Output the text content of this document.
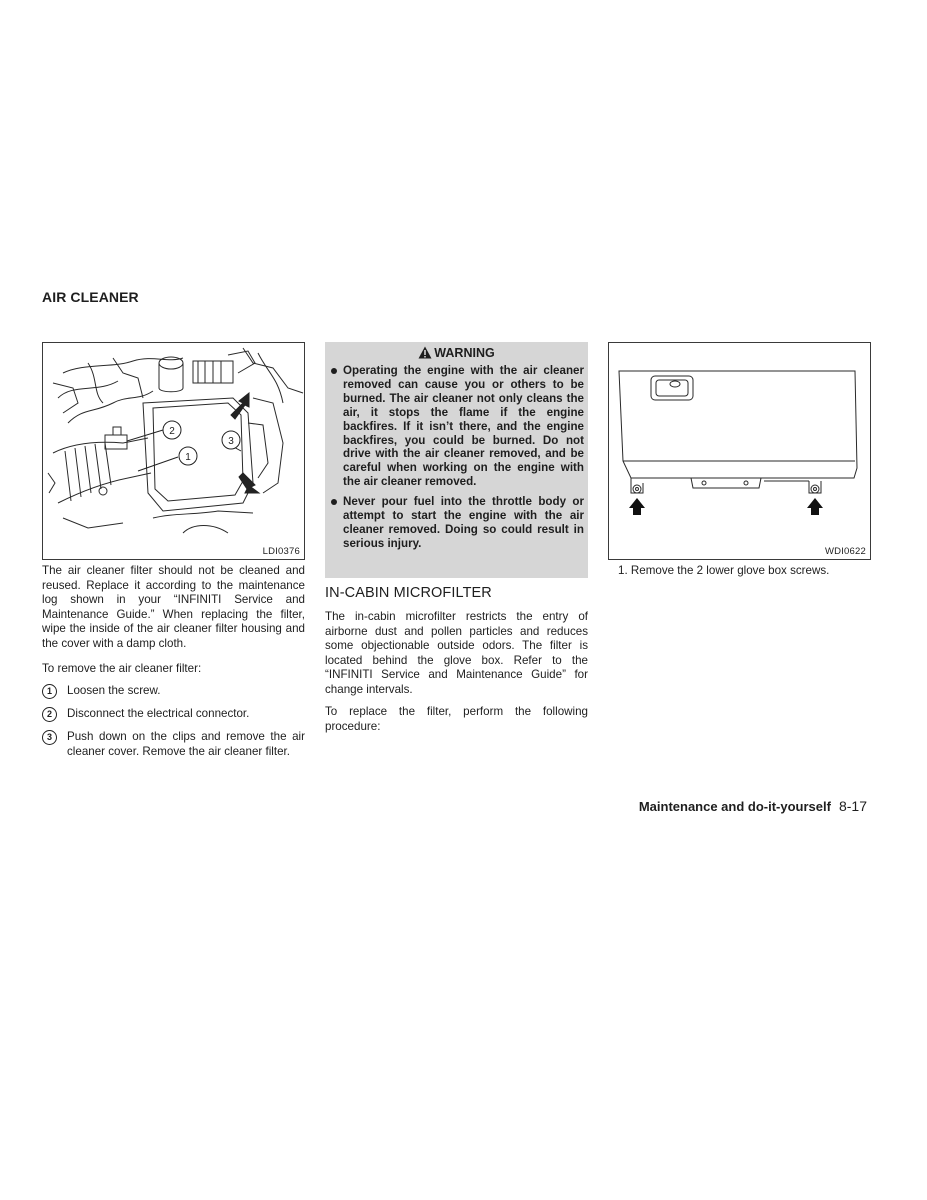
AIR CLEANER
2
1
3
LDI0376
The air cleaner filter should not be cleaned and reused. Replace it according to the maintenance log shown in your “INFINITI Service and Maintenance Guide.” When replacing the filter, wipe the inside of the air cleaner filter housing and the cover with a damp cloth.
To remove the air cleaner filter:
1	Loosen the screw.
2	Disconnect the electrical connector.
3	Push down on the clips and remove the air cleaner cover. Remove the air cleaner filter.
WARNING
Operating the engine with the air cleaner removed can cause you or others to be burned. The air cleaner not only cleans the air, it stops the flame if the engine backfires. If it isn’t there, and the engine backfires, you could be burned. Do not drive with the air cleaner removed, and be careful when working on the engine with the air cleaner removed.
Never pour fuel into the throttle body or attempt to start the engine with the air cleaner removed. Doing so could result in serious injury.
IN-CABIN MICROFILTER
The in-cabin microfilter restricts the entry of airborne dust and pollen particles and reduces some objectionable outside odors. The filter is located behind the glove box. Refer to the “INFINITI Service and Maintenance Guide” for change intervals.
To replace the filter, perform the following procedure:
WDI0622
1. Remove the 2 lower glove box screws.
Maintenance and do-it-yourself 8-17
